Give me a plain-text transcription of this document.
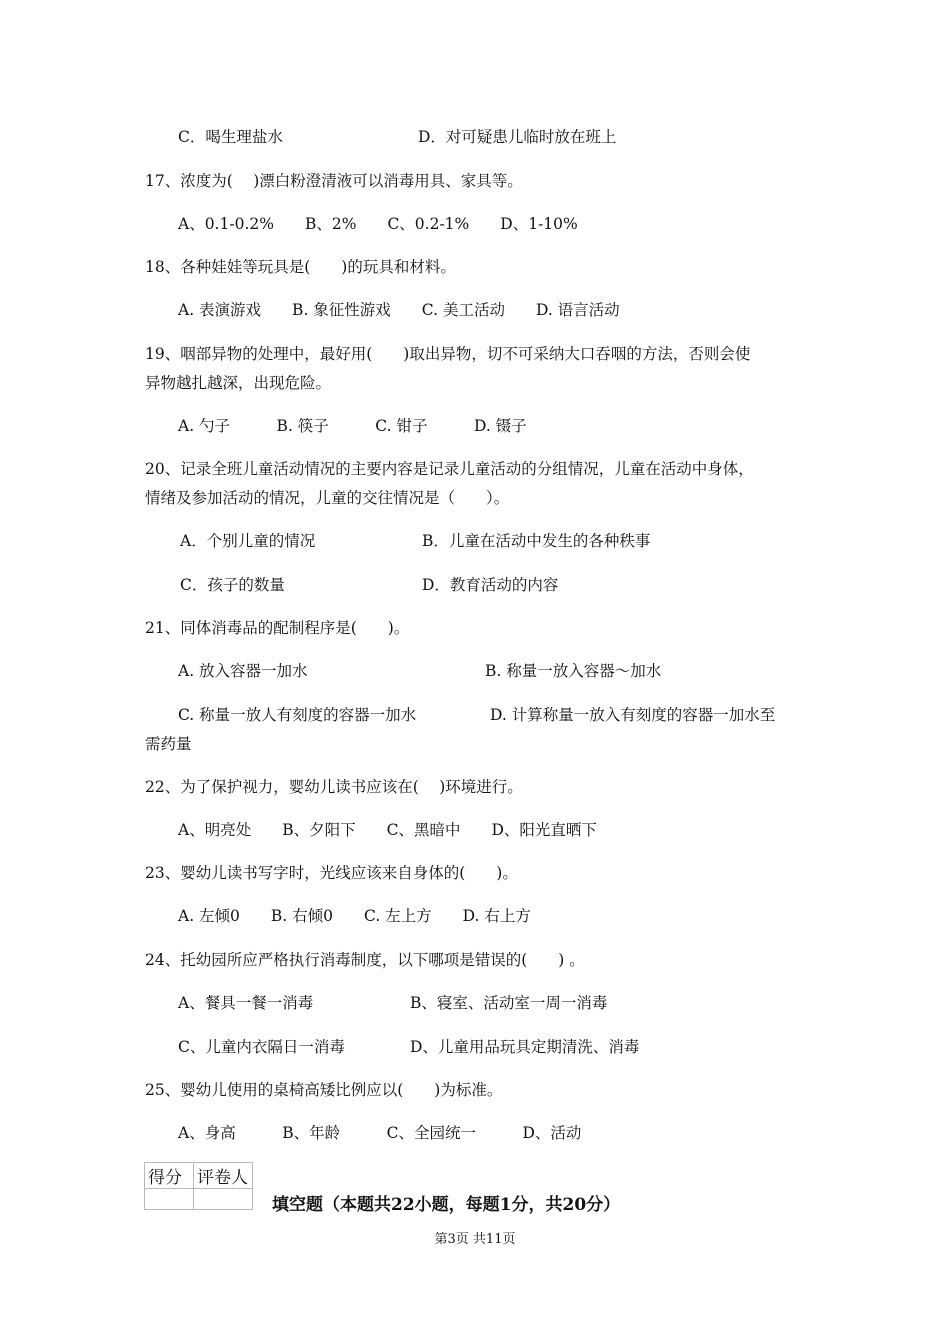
C．喝生理盐水	D．对可疑患儿临时放在班上
17、浓度为(　 )漂白粉澄清液可以消毒用具、家具等。
A、0.1-0.2%　　B、2%　　C、0.2-1%　　D、1-10%
18、各种娃娃等玩具是(　　)的玩具和材料。
A. 表演游戏　　B. 象征性游戏　　C. 美工活动　　D. 语言活动
19、咽部异物的处理中，最好用(　　)取出异物，切不可采纳大口吞咽的方法，否则会使
异物越扎越深，出现危险。
A. 勺子　　　B. 筷子　　　C. 钳子　　　D. 镊子
20、记录全班儿童活动情况的主要内容是记录儿童活动的分组情况，儿童在活动中身体，
情绪及参加活动的情况，儿童的交往情况是（　　）。
A．个别儿童的情况	B．儿童在活动中发生的各种秩事
C．孩子的数量	D．教育活动的内容
21、同体消毒品的配制程序是(　　)。
A. 放入容器一加水	B. 称量一放入容器～加水
C. 称量一放人有刻度的容器一加水	D. 计算称量一放入有刻度的容器一加水至
需药量
22、为了保护视力，婴幼儿读书应该在(　 )环境进行。
A、明亮处　　B、夕阳下　　C、黑暗中　　D、阳光直晒下
23、婴幼儿读书写字时，光线应该来自身体的(　　)。
A. 左倾0　　B. 右倾0　　C. 左上方　　D. 右上方
24、托幼园所应严格执行消毒制度，以下哪项是错误的(　　) 。
A、餐具一餐一消毒	B、寝室、活动室一周一消毒
C、儿童内衣隔日一消毒	D、儿童用品玩具定期清洗、消毒
25、婴幼儿使用的桌椅高矮比例应以(　　)为标准。
A、身高　　　B、年龄　　　C、全园统一　　　D、活动
得分	评卷人

填空题（本题共22小题，每题1分，共20分）
第3页 共11页
